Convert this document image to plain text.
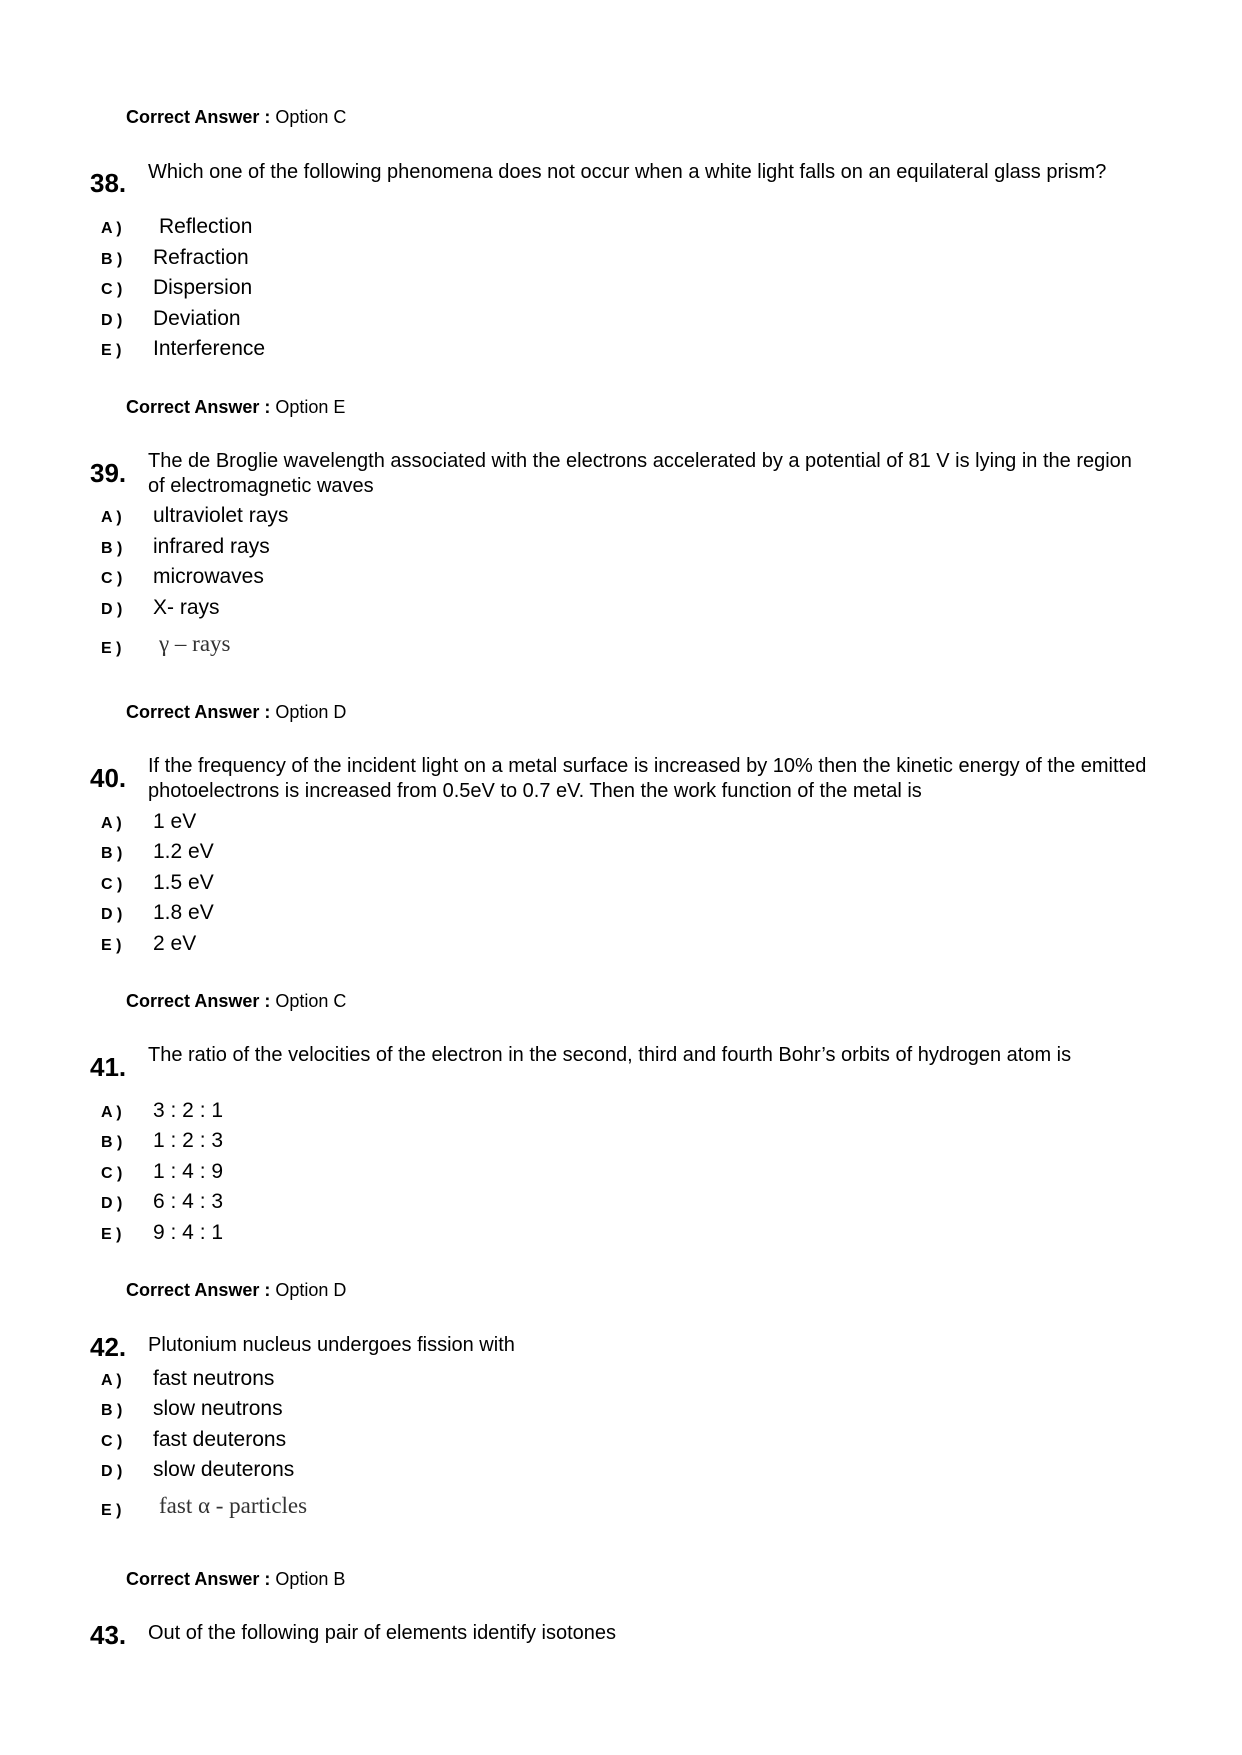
Correct Answer : Option C
38. Which one of the following phenomena does not occur when a white light falls on an equilateral glass prism?
A ) Reflection
B ) Refraction
C ) Dispersion
D ) Deviation
E ) Interference
Correct Answer : Option E
39. The de Broglie wavelength associated with the electrons accelerated by a potential of 81 V is lying in the region of electromagnetic waves
A ) ultraviolet rays
B ) infrared rays
C ) microwaves
D ) X- rays
E ) γ – rays
Correct Answer : Option D
40. If the frequency of the incident light on a metal surface is increased by 10% then the kinetic energy of the emitted photoelectrons is increased from 0.5eV to 0.7 eV. Then the work function of the metal is
A ) 1 eV
B ) 1.2 eV
C ) 1.5 eV
D ) 1.8 eV
E ) 2 eV
Correct Answer : Option C
41. The ratio of the velocities of the electron in the second, third and fourth Bohr’s orbits of hydrogen atom is
A ) 3 : 2 : 1
B ) 1 : 2 : 3
C ) 1 : 4 : 9
D ) 6 : 4 : 3
E ) 9 : 4 : 1
Correct Answer : Option D
42. Plutonium nucleus undergoes fission with
A ) fast neutrons
B ) slow neutrons
C ) fast deuterons
D ) slow deuterons
E ) fast α - particles
Correct Answer : Option B
43. Out of the following pair of elements identify isotones
